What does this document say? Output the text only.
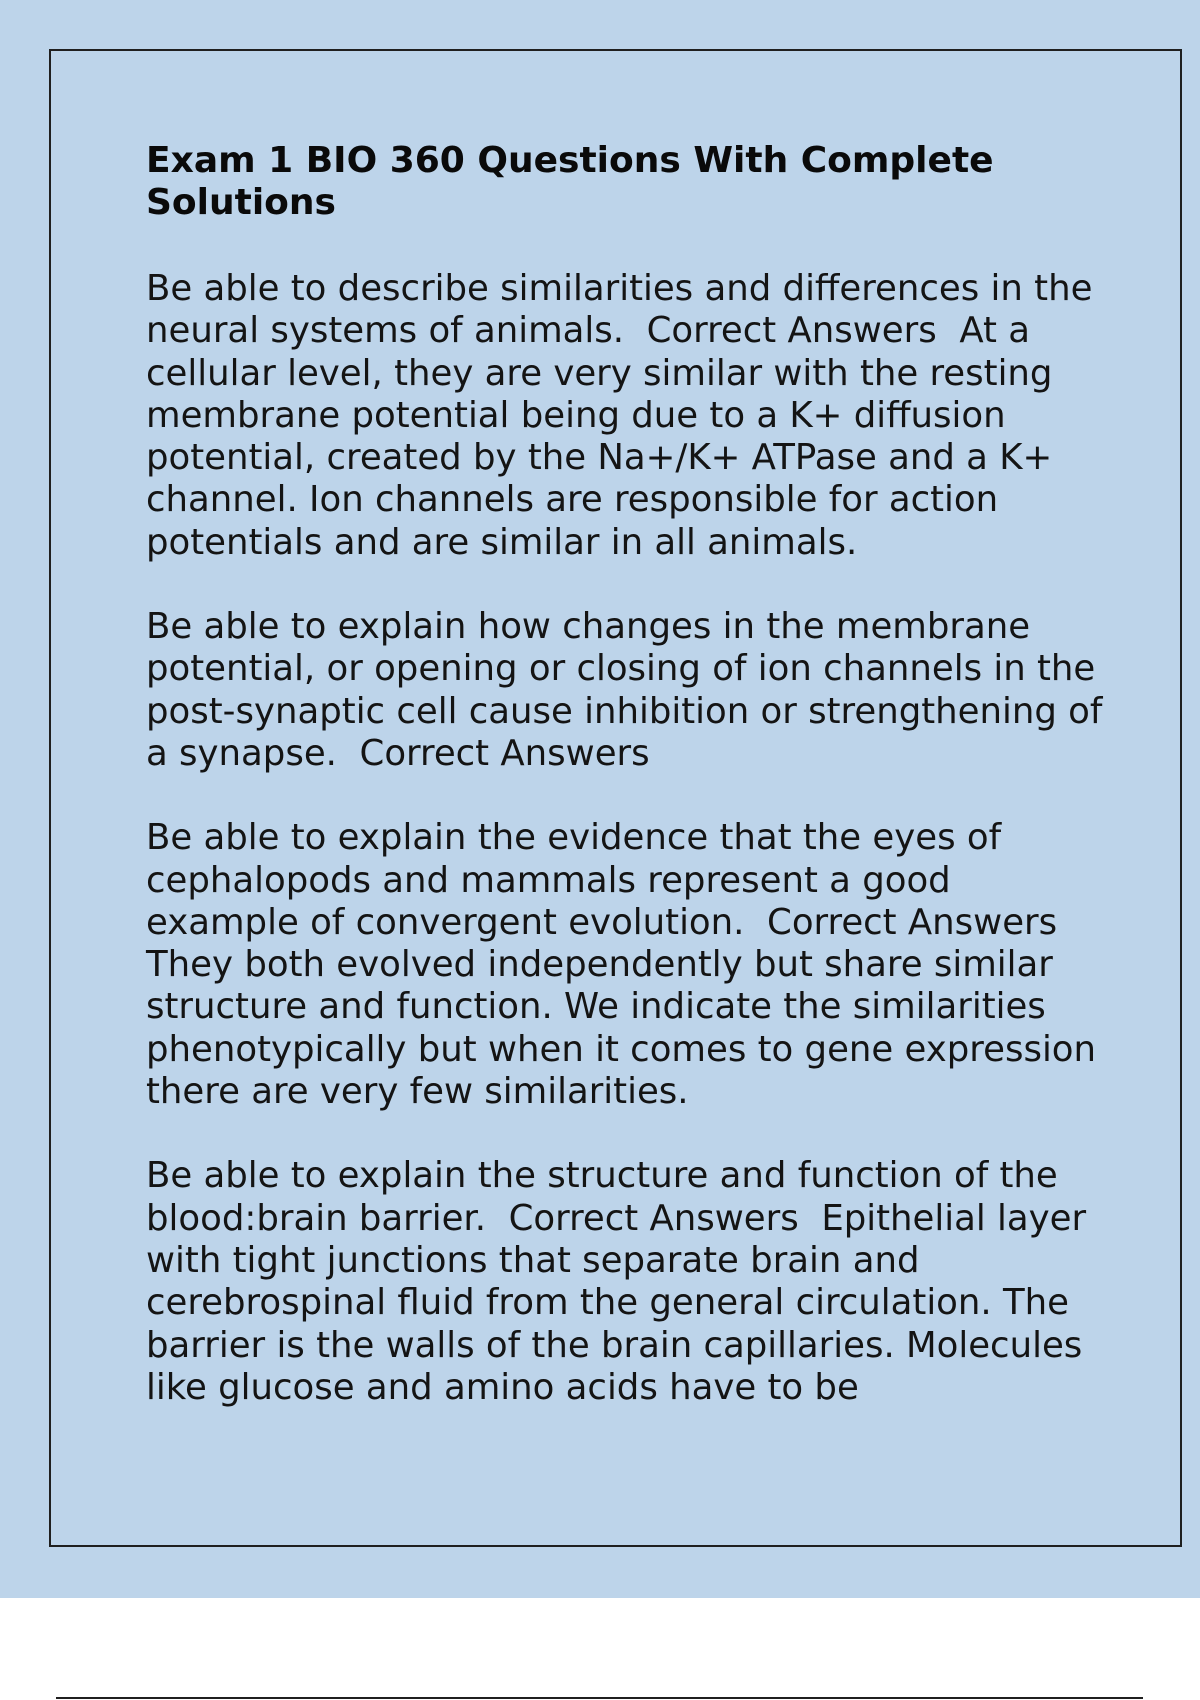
Exam 1 BIO 360 Questions With Complete Solutions

Be able to describe similarities and differences in the neural systems of animals. Correct Answers At a cellular level, they are very similar with the resting membrane potential being due to a K+ diffusion potential, created by the Na+/K+ ATPase and a K+ channel. Ion channels are responsible for action potentials and are similar in all animals.

Be able to explain how changes in the membrane potential, or opening or closing of ion channels in the post-synaptic cell cause inhibition or strengthening of a synapse. Correct Answers

Be able to explain the evidence that the eyes of cephalopods and mammals represent a good example of convergent evolution. Correct Answers They both evolved independently but share similar structure and function. We indicate the similarities phenotypically but when it comes to gene expression there are very few similarities.

Be able to explain the structure and function of the blood:brain barrier. Correct Answers Epithelial layer with tight junctions that separate brain and cerebrospinal fluid from the general circulation. The barrier is the walls of the brain capillaries. Molecules like glucose and amino acids have to be
